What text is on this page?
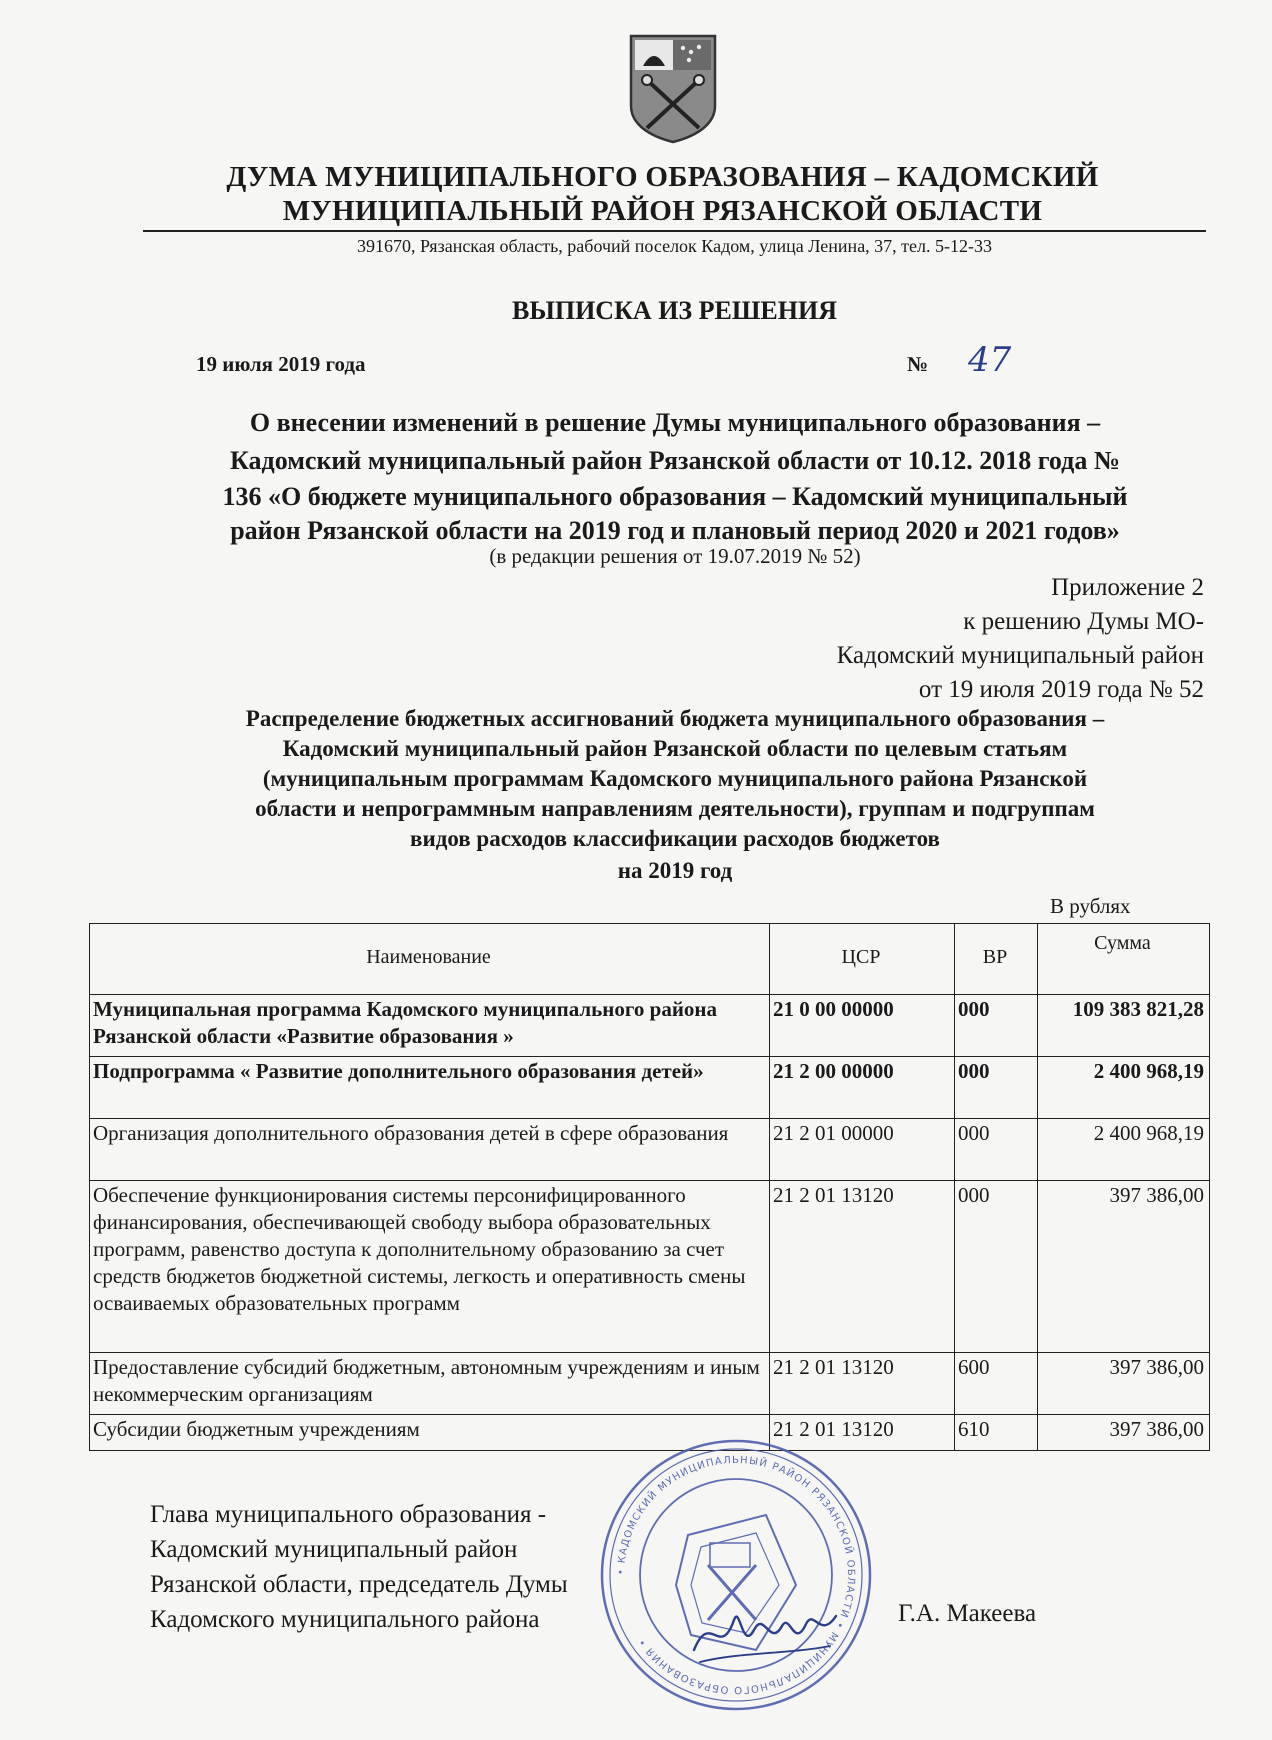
ДУМА МУНИЦИПАЛЬНОГО ОБРАЗОВАНИЯ – КАДОМСКИЙ
МУНИЦИПАЛЬНЫЙ РАЙОН РЯЗАНСКОЙ ОБЛАСТИ
391670, Рязанская область, рабочий поселок Кадом, улица Ленина, 37, тел. 5-12-33
ВЫПИСКА ИЗ РЕШЕНИЯ
19 июля 2019 года	№ 47
О внесении изменений в решение Думы муниципального образования –
Кадомский муниципальный район Рязанской области от 10.12. 2018 года №
136 «О бюджете муниципального образования – Кадомский муниципальный
район Рязанской области на 2019 год и плановый период 2020 и 2021 годов»
(в редакции решения от 19.07.2019 № 52)
Приложение 2
к решению Думы МО-
Кадомский муниципальный район
от 19 июля 2019 года № 52
Распределение бюджетных ассигнований бюджета муниципального образования –
Кадомский муниципальный район Рязанской области по целевым статьям
(муниципальным программам Кадомского муниципального района Рязанской
области и непрограммным направлениям деятельности), группам и подгруппам
видов расходов классификации расходов бюджетов
на 2019 год
В рублях
Наименование	ЦСР	ВР	Сумма
Муниципальная программа Кадомского муниципального района Рязанской области «Развитие образования »	21 0 00 00000	000	109 383 821,28
Подпрограмма « Развитие дополнительного образования детей»	21 2 00 00000	000	2 400 968,19
Организация дополнительного образования детей в сфере образования	21 2 01 00000	000	2 400 968,19
Обеспечение функционирования системы персонифицированного финансирования, обеспечивающей свободу выбора образовательных программ, равенство доступа к дополнительному образованию за счет средств бюджетов бюджетной системы, легкость и оперативность смены осваиваемых образовательных программ	21 2 01 13120	000	397 386,00
Предоставление субсидий бюджетным, автономным учреждениям и иным некоммерческим организациям	21 2 01 13120	600	397 386,00
Субсидии бюджетным учреждениям	21 2 01 13120	610	397 386,00
• КАДОМСКИЙ МУНИЦИПАЛЬНЫЙ РАЙОН РЯЗАНСКОЙ ОБЛАСТИ • МУНИЦИПАЛЬНОГО ОБРАЗОВАНИЯ •
Глава муниципального образования -
Кадомский муниципальный район
Рязанской области, председатель Думы
Кадомского муниципального района	Г.А. Макеева
